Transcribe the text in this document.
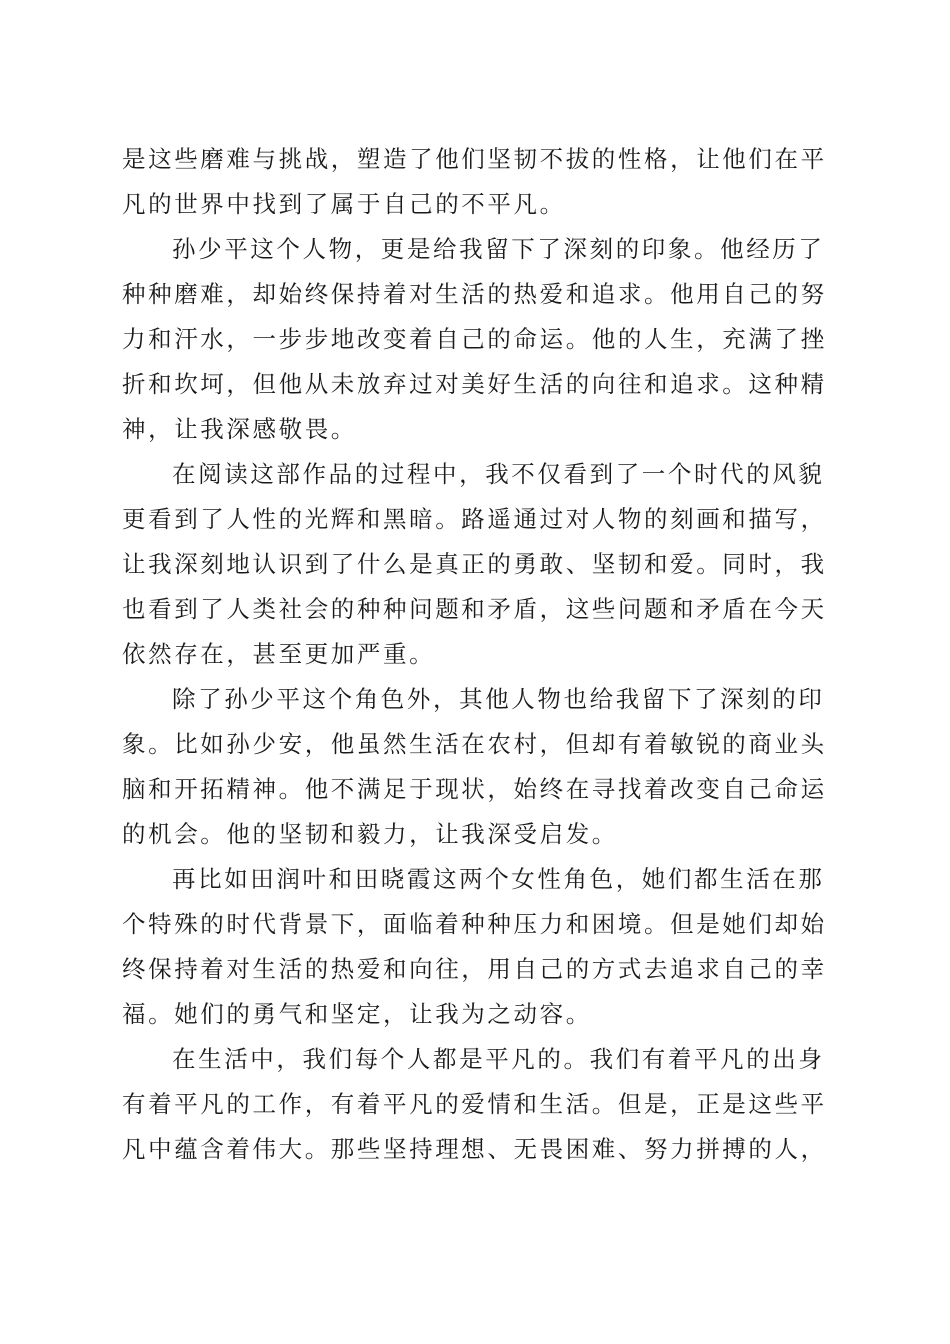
是这些磨难与挑战，塑造了他们坚韧不拔的性格，让他们在平
凡的世界中找到了属于自己的不平凡。
孙少平这个人物，更是给我留下了深刻的印象。他经历了
种种磨难，却始终保持着对生活的热爱和追求。他用自己的努
力和汗水，一步步地改变着自己的命运。他的人生，充满了挫
折和坎坷，但他从未放弃过对美好生活的向往和追求。这种精
神，让我深感敬畏。
在阅读这部作品的过程中，我不仅看到了一个时代的风貌
更看到了人性的光辉和黑暗。路遥通过对人物的刻画和描写，
让我深刻地认识到了什么是真正的勇敢、坚韧和爱。同时，我
也看到了人类社会的种种问题和矛盾，这些问题和矛盾在今天
依然存在，甚至更加严重。
除了孙少平这个角色外，其他人物也给我留下了深刻的印
象。比如孙少安，他虽然生活在农村，但却有着敏锐的商业头
脑和开拓精神。他不满足于现状，始终在寻找着改变自己命运
的机会。他的坚韧和毅力，让我深受启发。
再比如田润叶和田晓霞这两个女性角色，她们都生活在那
个特殊的时代背景下，面临着种种压力和困境。但是她们却始
终保持着对生活的热爱和向往，用自己的方式去追求自己的幸
福。她们的勇气和坚定，让我为之动容。
在生活中，我们每个人都是平凡的。我们有着平凡的出身
有着平凡的工作，有着平凡的爱情和生活。但是，正是这些平
凡中蕴含着伟大。那些坚持理想、无畏困难、努力拼搏的人，
